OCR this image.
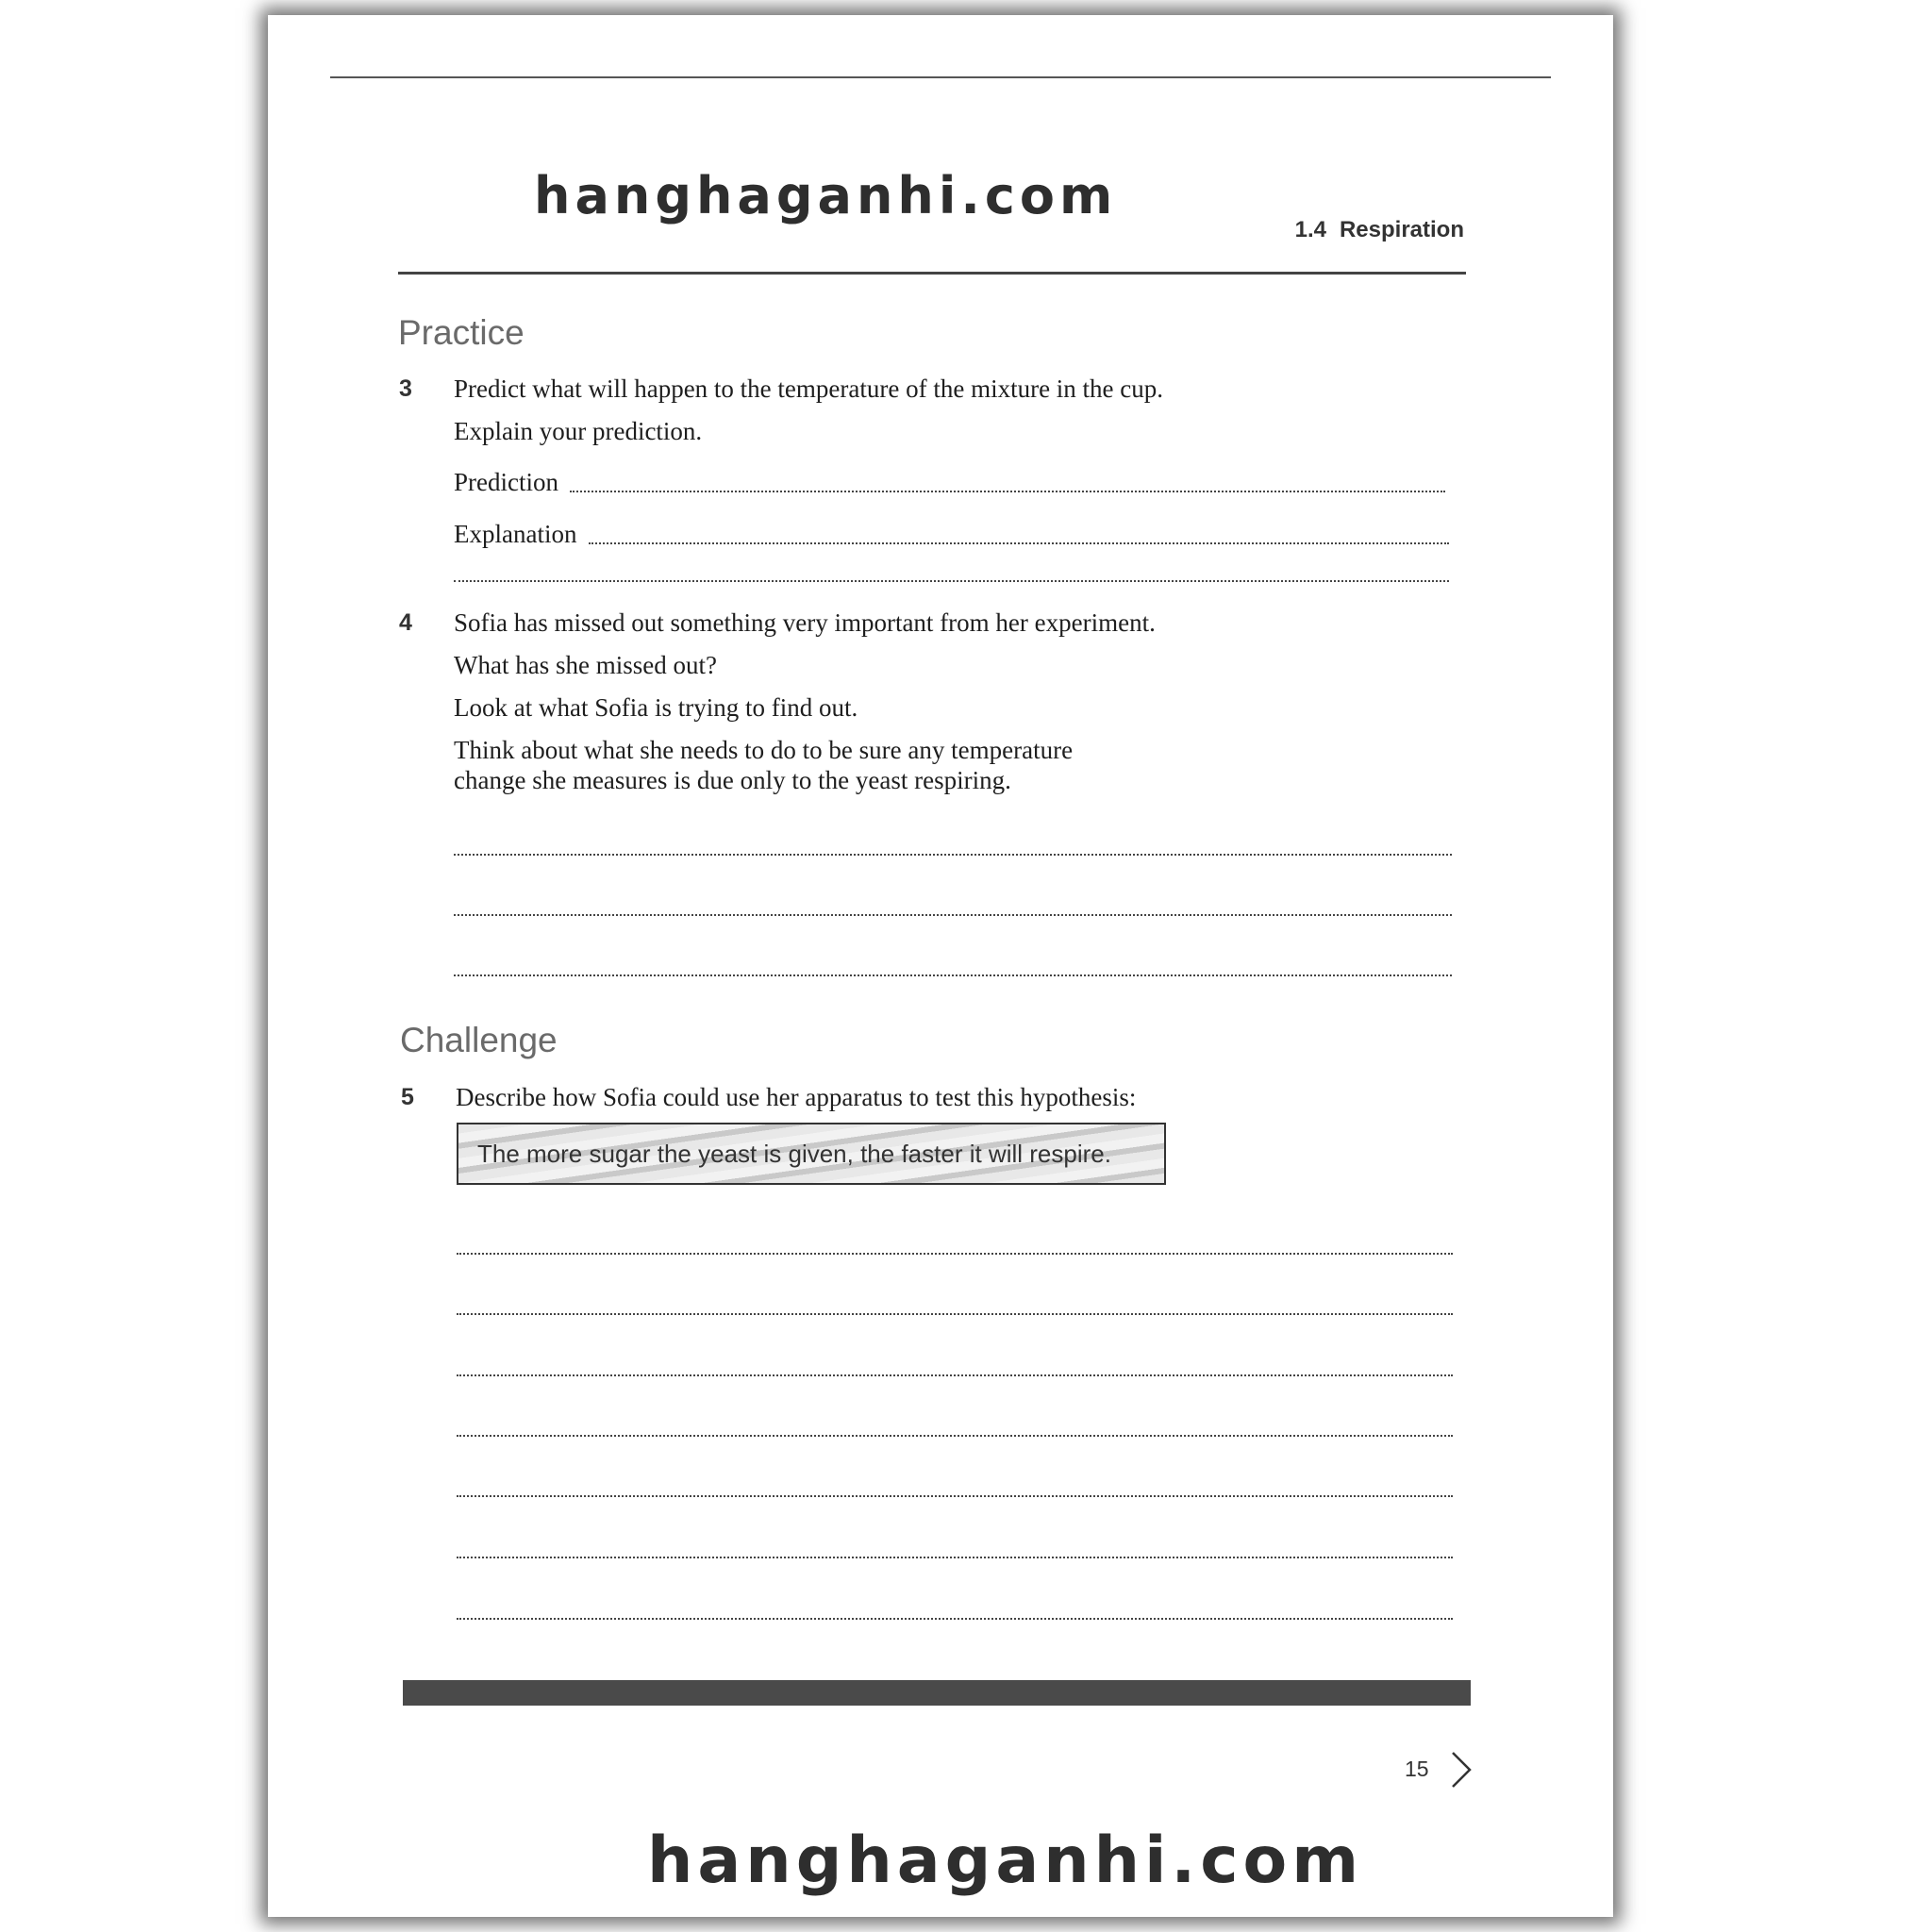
hanghaganhi.com
1.4 Respiration
Practice
3 Predict what will happen to the temperature of the mixture in the cup.
Explain your prediction.
Prediction
Explanation
4 Sofia has missed out something very important from her experiment.
What has she missed out?
Look at what Sofia is trying to find out.
Think about what she needs to do to be sure any temperature
change she measures is due only to the yeast respiring.
Challenge
5 Describe how Sofia could use her apparatus to test this hypothesis:
The more sugar the yeast is given, the faster it will respire.
15
hanghaganhi.com
